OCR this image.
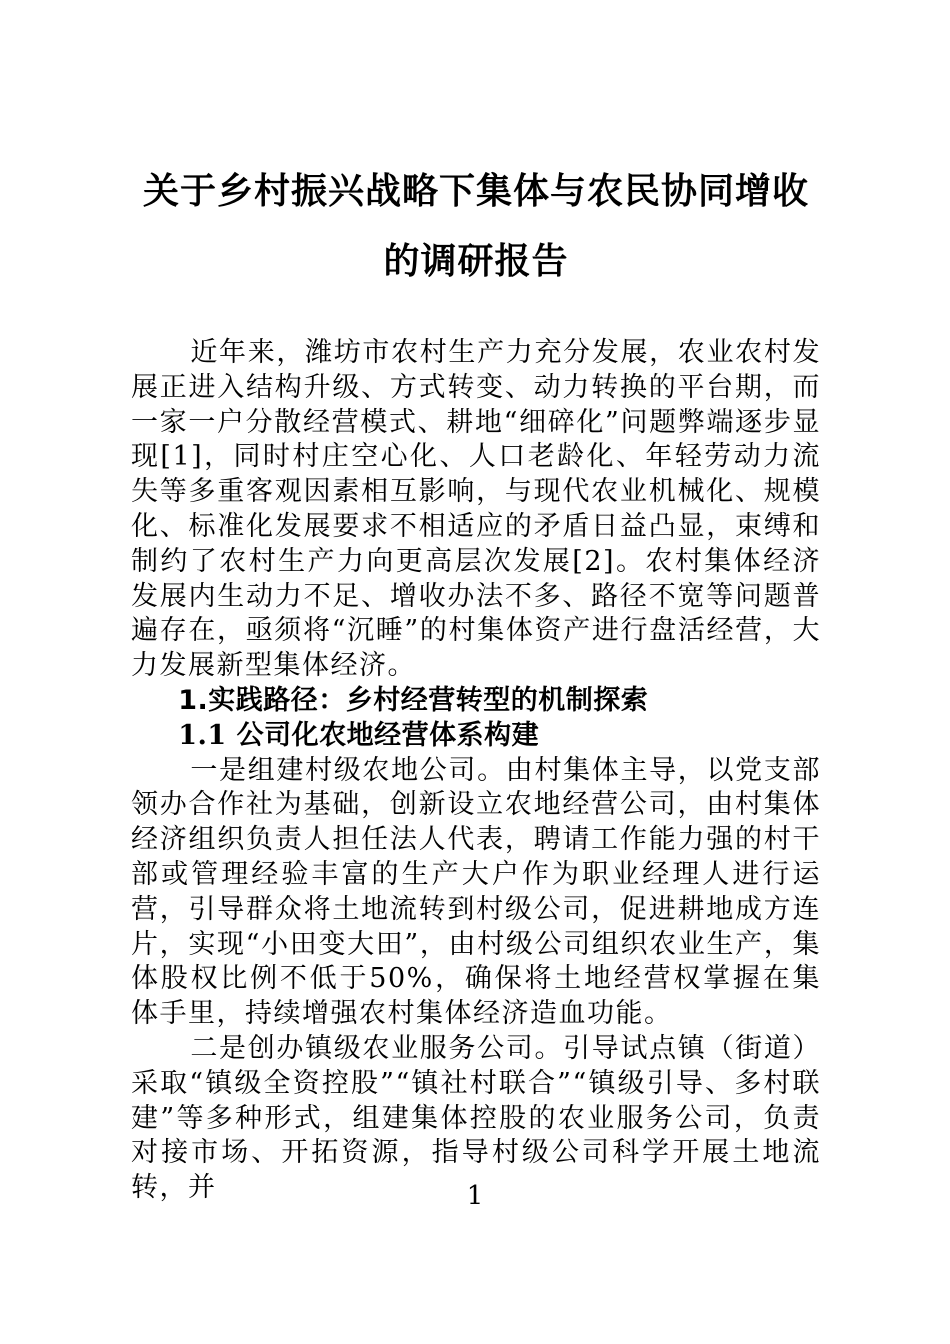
关于乡村振兴战略下集体与农民协同增收
的调研报告

近年来，潍坊市农村生产力充分发展，农业农村发展正进入结构升级、方式转变、动力转换的平台期，而一家一户分散经营模式、耕地“细碎化”问题弊端逐步显现[1]，同时村庄空心化、人口老龄化、年轻劳动力流失等多重客观因素相互影响，与现代农业机械化、规模化、标准化发展要求不相适应的矛盾日益凸显，束缚和制约了农村生产力向更高层次发展[2]。农村集体经济发展内生动力不足、增收办法不多、路径不宽等问题普遍存在，亟须将“沉睡”的村集体资产进行盘活经营，大力发展新型集体经济。

1.实践路径：乡村经营转型的机制探索
1.1 公司化农地经营体系构建

一是组建村级农地公司。由村集体主导，以党支部领办合作社为基础，创新设立农地经营公司，由村集体经济组织负责人担任法人代表，聘请工作能力强的村干部或管理经验丰富的生产大户作为职业经理人进行运营，引导群众将土地流转到村级公司，促进耕地成方连片，实现“小田变大田”，由村级公司组织农业生产，集体股权比例不低于50%，确保将土地经营权掌握在集体手里，持续增强农村集体经济造血功能。

二是创办镇级农业服务公司。引导试点镇（街道）采取“镇级全资控股”“镇社村联合”“镇级引导、多村联建”等多种形式，组建集体控股的农业服务公司，负责对接市场、开拓资源，指导村级公司科学开展土地流转，并	1
